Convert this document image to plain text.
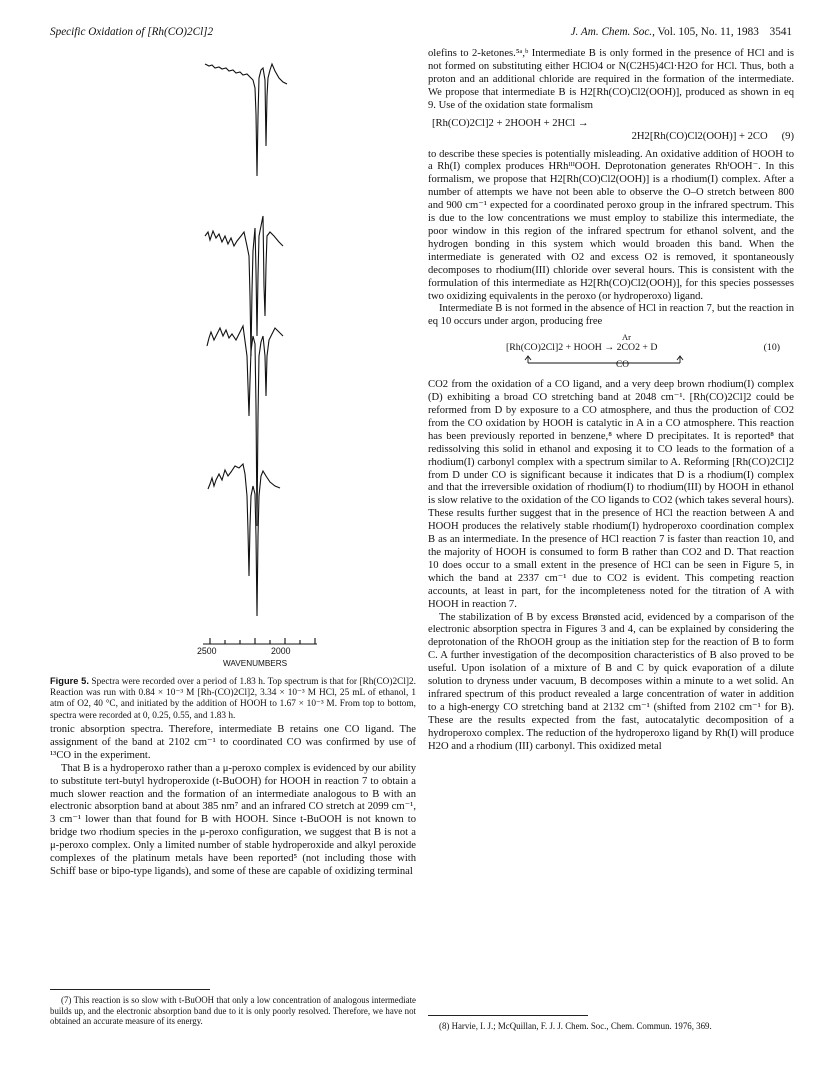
Specific Oxidation of [Rh(CO)2Cl]2	J. Am. Chem. Soc., Vol. 105, No. 11, 1983 3541
2500	2000
WAVENUMBERS
Figure 5. Spectra were recorded over a period of 1.83 h. Top spectrum is that for [Rh(CO)2Cl]2. Reaction was run with 0.84 × 10⁻³ M [Rh-(CO)2Cl]2, 3.34 × 10⁻³ M HCl, 25 mL of ethanol, 1 atm of O2, 40 °C, and initiated by the addition of HOOH to 1.67 × 10⁻³ M. From top to bottom, spectra were recorded at 0, 0.25, 0.55, and 1.83 h.

tronic absorption spectra. Therefore, intermediate B retains one CO ligand. The assignment of the band at 2102 cm⁻¹ to coordinated CO was confirmed by use of ¹³CO in the experiment.

That B is a hydroperoxo rather than a μ-peroxo complex is evidenced by our ability to substitute tert-butyl hydroperoxide (t-BuOOH) for HOOH in reaction 7 to obtain a much slower reaction and the formation of an intermediate analogous to B with an electronic absorption band at about 385 nm⁷ and an infrared CO stretch at 2099 cm⁻¹, 3 cm⁻¹ lower than that found for B with HOOH. Since t-BuOOH is not known to bridge two rhodium species in the μ-peroxo configuration, we suggest that B is not a μ-peroxo complex. Only a limited number of stable hydroperoxide and alkyl peroxide complexes of the platinum metals have been reported⁵ (not including those with Schiff base or bipo-type ligands), and some of these are capable of oxidizing terminal

(7) This reaction is so slow with t-BuOOH that only a low concentration of analogous intermediate builds up, and the electronic absorption band due to it is only poorly resolved. Therefore, we have not obtained an accurate measure of its energy.

olefins to 2-ketones.⁵ᵃ,ᵇ Intermediate B is only formed in the presence of HCl and is not formed on substituting either HClO4 or N(C2H5)4Cl·H2O for HCl. Thus, both a proton and an additional chloride are required in the formation of the intermediate. We propose that intermediate B is H2[Rh(CO)Cl2(OOH)], produced as shown in eq 9. Use of the oxidation state formalism

[Rh(CO)2Cl]2 + 2HOOH + 2HCl →
2H2[Rh(CO)Cl2(OOH)] + 2CO (9)

to describe these species is potentially misleading. An oxidative addition of HOOH to a Rh(I) complex produces HRhᴵᴵᴵOOH. Deprotonation generates RhᴵOOH⁻. In this formalism, we propose that H2[Rh(CO)Cl2(OOH)] is a rhodium(I) complex. After a number of attempts we have not been able to observe the O–O stretch between 800 and 900 cm⁻¹ expected for a coordinated peroxo group in the infrared spectrum. This is due to the low concentrations we must employ to stabilize this intermediate, the poor window in this region of the infrared spectrum for ethanol solvent, and the hydrogen bonding in this system which would broaden this band. When the intermediate is generated with O2 and excess O2 is removed, it spontaneously decomposes to rhodium(III) chloride over several hours. This is consistent with the formulation of this intermediate as H2[Rh(CO)Cl2(OOH)], for this species possesses two oxidizing equivalents in the peroxo (or hydroperoxo) ligand.

Intermediate B is not formed in the absence of HCl in reaction 7, but the reaction in eq 10 occurs under argon, producing free

Ar
[Rh(CO)2Cl]2 + HOOH → 2CO2 + D	(10)
CO

CO2 from the oxidation of a CO ligand, and a very deep brown rhodium(I) complex (D) exhibiting a broad CO stretching band at 2048 cm⁻¹. [Rh(CO)2Cl]2 could be reformed from D by exposure to a CO atmosphere, and thus the production of CO2 from the CO oxidation by HOOH is catalytic in A in a CO atmosphere. This reaction has been previously reported in benzene,⁸ where D precipitates. It is reported⁸ that redissolving this solid in ethanol and exposing it to CO leads to the formation of a rhodium(I) carbonyl complex with a spectrum similar to A. Reforming [Rh(CO)2Cl]2 from D under CO is significant because it indicates that D is a rhodium(I) complex and that the irreversible oxidation of rhodium(I) to rhodium(III) by HOOH in ethanol is slow relative to the oxidation of the CO ligands to CO2 (which takes several hours). These results further suggest that in the presence of HCl the reaction between A and HOOH produces the relatively stable rhodium(I) hydroperoxo coordination complex B as an intermediate. In the presence of HCl reaction 7 is faster than reaction 10, and the majority of HOOH is consumed to form B rather than CO2 and D. That reaction 10 does occur to a small extent in the presence of HCl can be seen in Figure 5, in which the band at 2337 cm⁻¹ due to CO2 is evident. This competing reaction accounts, at least in part, for the incompleteness noted for the titration of A with HOOH in reaction 7.

The stabilization of B by excess Brønsted acid, evidenced by a comparison of the electronic absorption spectra in Figures 3 and 4, can be explained by considering the deprotonation of the RhOOH group as the initiation step for the reaction of B to form C. A further investigation of the decomposition characteristics of B also proved to be useful. Upon isolation of a mixture of B and C by quick evaporation of a dilute solution to dryness under vacuum, B decomposes within a minute to a wet solid. An infrared spectrum of this product revealed a large concentration of water in addition to a high-energy CO stretching band at 2132 cm⁻¹ (shifted from 2102 cm⁻¹ for B). These are the results expected from the fast, autocatalytic decomposition of a hydroperoxo complex. The reduction of the hydroperoxo ligand by Rh(I) will produce H2O and a rhodium (III) carbonyl. This oxidized metal

(8) Harvie, I. J.; McQuillan, F. J. J. Chem. Soc., Chem. Commun. 1976, 369.
